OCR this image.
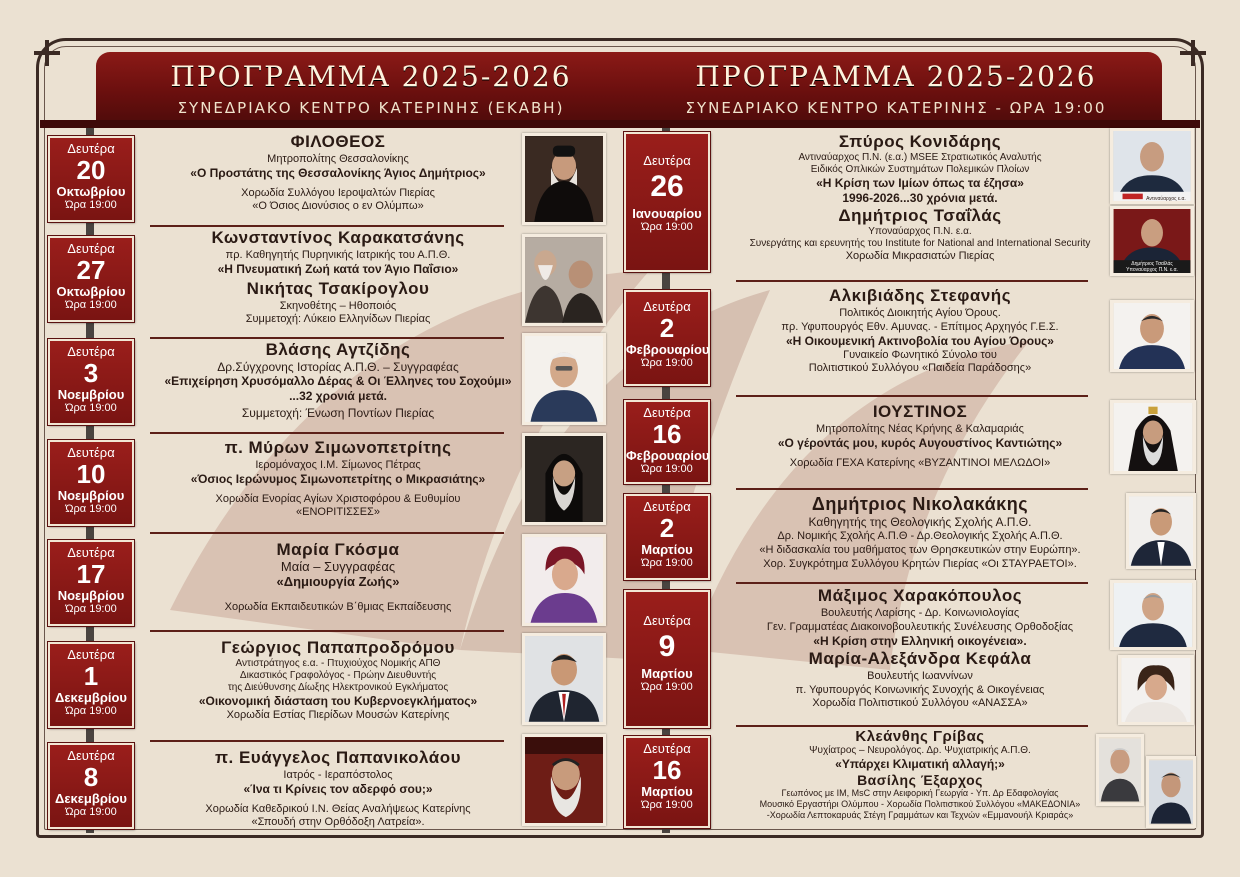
ΠΡΟΓΡΑΜΜΑ 2025-2026
ΣΥΝΕΔΡΙΑΚΟ ΚΕΝΤΡΟ ΚΑΤΕΡΙΝΗΣ (ΕΚΑΒΗ)
ΠΡΟΓΡΑΜΜΑ 2025-2026
ΣΥΝΕΔΡΙΑΚΟ ΚΕΝΤΡΟ ΚΑΤΕΡΙΝΗΣ - ΩΡΑ 19:00
Δευτέρα
20
Οκτωβρίου
Ώρα 19:00
Δευτέρα
27
Οκτωβρίου
Ώρα 19:00
Δευτέρα
3
Νοεμβρίου
Ώρα 19:00
Δευτέρα
10
Νοεμβρίου
Ώρα 19:00
Δευτέρα
17
Νοεμβρίου
Ώρα 19:00
Δευτέρα
1
Δεκεμβρίου
Ώρα 19:00
Δευτέρα
8
Δεκεμβρίου
Ώρα 19:00
Δευτέρα
26
Ιανουαρίου
Ώρα 19:00
Δευτέρα
2
Φεβρουαρίου
Ώρα 19:00
Δευτέρα
16
Φεβρουαρίου
Ώρα 19:00
Δευτέρα
2
Μαρτίου
Ώρα 19:00
Δευτέρα
9
Μαρτίου
Ώρα 19:00
Δευτέρα
16
Μαρτίου
Ώρα 19:00
ΦΙΛΟΘΕΟΣ
Μητροπολίτης Θεσσαλονίκης
«Ο Προστάτης της Θεσσαλονίκης Άγιος Δημήτριος»
Χορωδία Συλλόγου Ιεροψαλτών Πιερίας
«Ο Όσιος Διονύσιος ο εν Ολύμπω»
Κωνσταντίνος Καρακατσάνης
πρ. Καθηγητής Πυρηνικής Ιατρικής του Α.Π.Θ.
«Η Πνευματική Ζωή κατά τον Άγιο Παΐσιο»
Νικήτας Τσακίρογλου
Σκηνοθέτης – Ηθοποιός
Συμμετοχή: Λύκειο Ελληνίδων Πιερίας
Βλάσης Αγτζίδης
Δρ.Σύγχρονης Ιστορίας Α.Π.Θ. – Συγγραφέας
«Επιχείρηση Χρυσόμαλλο Δέρας & Οι Έλληνες του Σοχούμι»
...32 χρονιά μετά.
Συμμετοχή: Ένωση Ποντίων Πιερίας
π. Μύρων Σιμωνοπετρίτης
Ιερομόναχος Ι.Μ. Σίμωνος Πέτρας
«Όσιος Ιερώνυμος Σιμωνοπετρίτης ο Μικρασιάτης»
Χορωδία Ενορίας Αγίων Χριστοφόρου & Ευθυμίου
«ΕΝΟΡΙΤΙΣΣΕΣ»
Μαρία Γκόσμα
Μαία – Συγγραφέας
«Δημιουργία Ζωής»
Χορωδία Εκπαιδευτικών Β΄θμιας Εκπαίδευσης
Γεώργιος Παπαπροδρόμου
Αντιστράτηγος ε.α. - Πτυχιούχος Νομικής ΑΠΘ
Δικαστικός Γραφολόγος - Πρώην Διευθυντής
της Διεύθυνσης Δίωξης Ηλεκτρονικού Εγκλήματος
«Οικονομική διάσταση του Κυβερνοεγκλήματος»
Χορωδία Εστίας Πιερίδων Μουσών Κατερίνης
π. Ευάγγελος Παπανικολάου
Ιατρός - Ιεραπόστολος
«Ίνα τι Κρίνεις τον αδερφό σου;»
Χορωδία Καθεδρικού Ι.Ν. Θείας Αναλήψεως Κατερίνης
«Σπουδή στην Ορθόδοξη Λατρεία».
Σπύρος Κονιδάρης
Αντιναύαρχος Π.Ν. (ε.α.) MSEE Στρατιωτικός Αναλυτής
Ειδικός Οπλικών Συστημάτων Πολεμικών Πλοίων
«Η Κρίση των Ιμίων όπως τα έζησα»
1996-2026...30 χρόνια μετά.
Δημήτριος Τσαΐλάς
Υποναύαρχος Π.Ν. ε.α.
Συνεργάτης και ερευνητής του Institute for National and International Security
Χορωδία Μικρασιατών Πιερίας
Αλκιβιάδης Στεφανής
Πολιτικός Διοικητής Αγίου Όρους.
πρ. Υφυπουργός Εθν. Αμυνας. - Επίτιμος Αρχηγός Γ.Ε.Σ.
«Η Οικουμενική Ακτινοβολία του Αγίου Όρους»
Γυναικείο Φωνητικό Σύνολο του
Πολιτιστικού Συλλόγου «Παιδεία Παράδοσης»
ΙΟΥΣΤΙΝΟΣ
Μητροπολίτης Νέας Κρήνης & Καλαμαριάς
«Ο γέροντάς μου, κυρός Αυγουστίνος Καντιώτης»
Χορωδία ΓΕΧΑ Κατερίνης «ΒΥΖΑΝΤΙΝΟΙ ΜΕΛΩΔΟΙ»
Δημήτριος Νικολακάκης
Καθηγητής της Θεολογικής Σχολής Α.Π.Θ.
Δρ. Νομικής Σχολής Α.Π.Θ - Δρ.Θεολογικής Σχολής Α.Π.Θ.
«Η διδασκαλία του μαθήματος των Θρησκευτικών στην Ευρώπη».
Χορ. Συγκρότημα Συλλόγου Κρητών Πιερίας «Οι ΣΤΑΥΡΑΕΤΟΙ».
Μάξιμος Χαρακόπουλος
Βουλευτής Λαρίσης - Δρ. Κοινωνιολογίας
Γεν. Γραμματέας Διακοινοβουλευτικής Συνέλευσης Ορθοδοξίας
«Η Κρίση στην Ελληνική οικογένεια».
Μαρία-Αλεξάνδρα Κεφάλα
Βουλευτής Ιωαννίνων
π. Υφυπουργός Κοινωνικής Συνοχής & Οικογένειας
Χορωδία Πολιτιστικού Συλλόγου «ΑΝΑΣΣΑ»
Κλεάνθης Γρίβας
Ψυχίατρος – Νευρολόγος. Δρ. Ψυχιατρικής Α.Π.Θ.
«Υπάρχει Κλιματική αλλαγή;»
Βασίλης Έξαρχος
Γεωπόνος με ΙΜ, MsC στην Αειφορική Γεωργία - Υπ. Δρ Εδαφολογίας
Μουσικό Εργαστήρι Ολύμπου - Χορωδία Πολιτιστικού Συλλόγου «ΜΑΚΕΔΟΝΙΑ»
-Χορωδία Λεπτοκαρυάς Στέγη Γραμμάτων και Τεχνών «Εμμανουήλ Κριαράς»
Αντιναύαρχος ε.α.
Δημήτριος Τσαΐλάς
Υποναύαρχος Π.Ν. ε.α.
